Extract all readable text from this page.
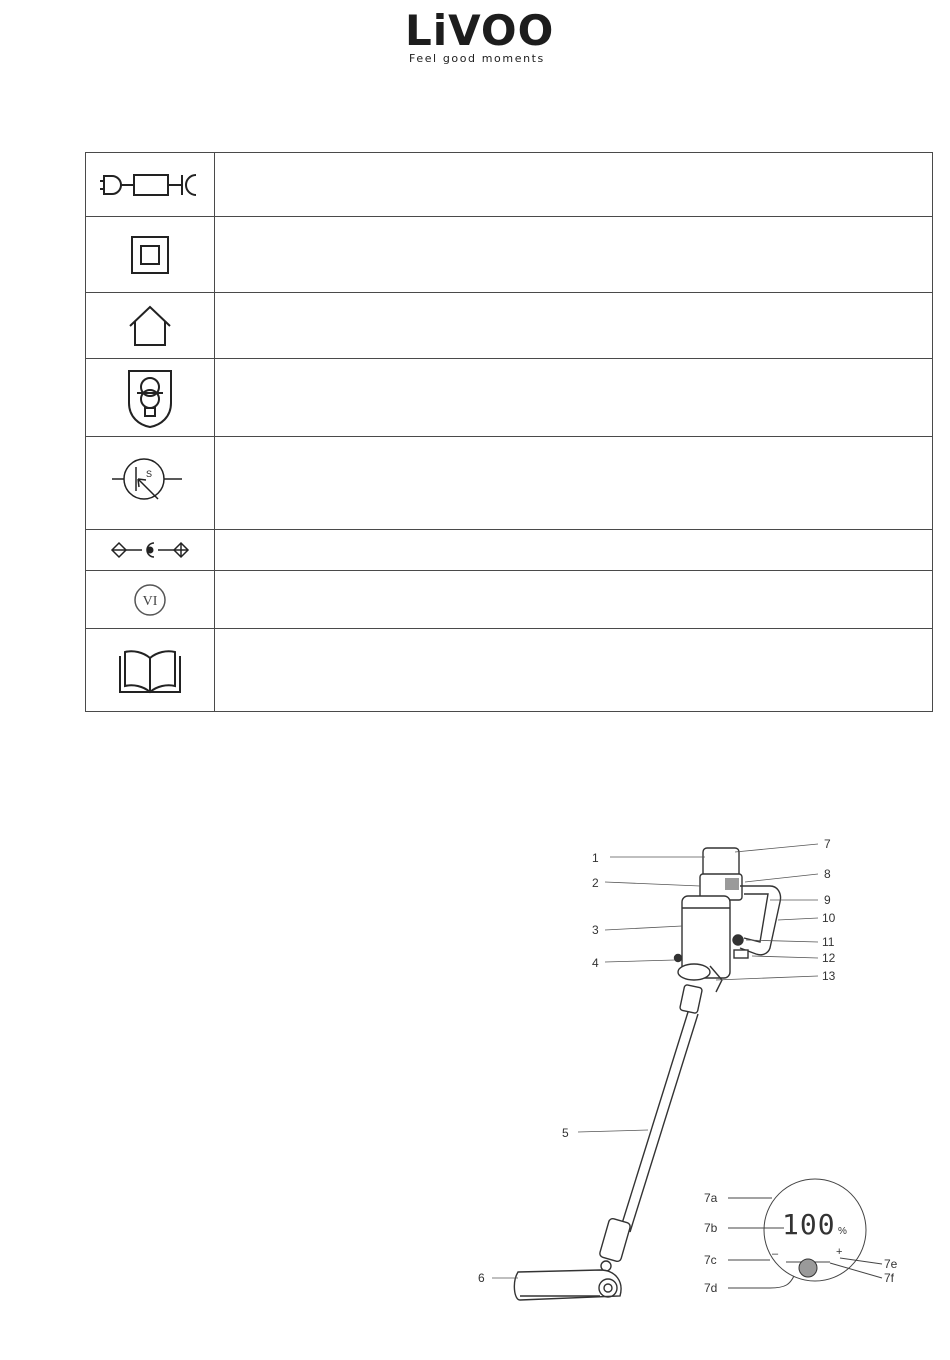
LiVOO
Feel good moments

S	

VI	

1
2
3
4
5
6
7
8
9
10
11
12
13
7a
7b
7c
7d
7e
7f
100 %
–	+
